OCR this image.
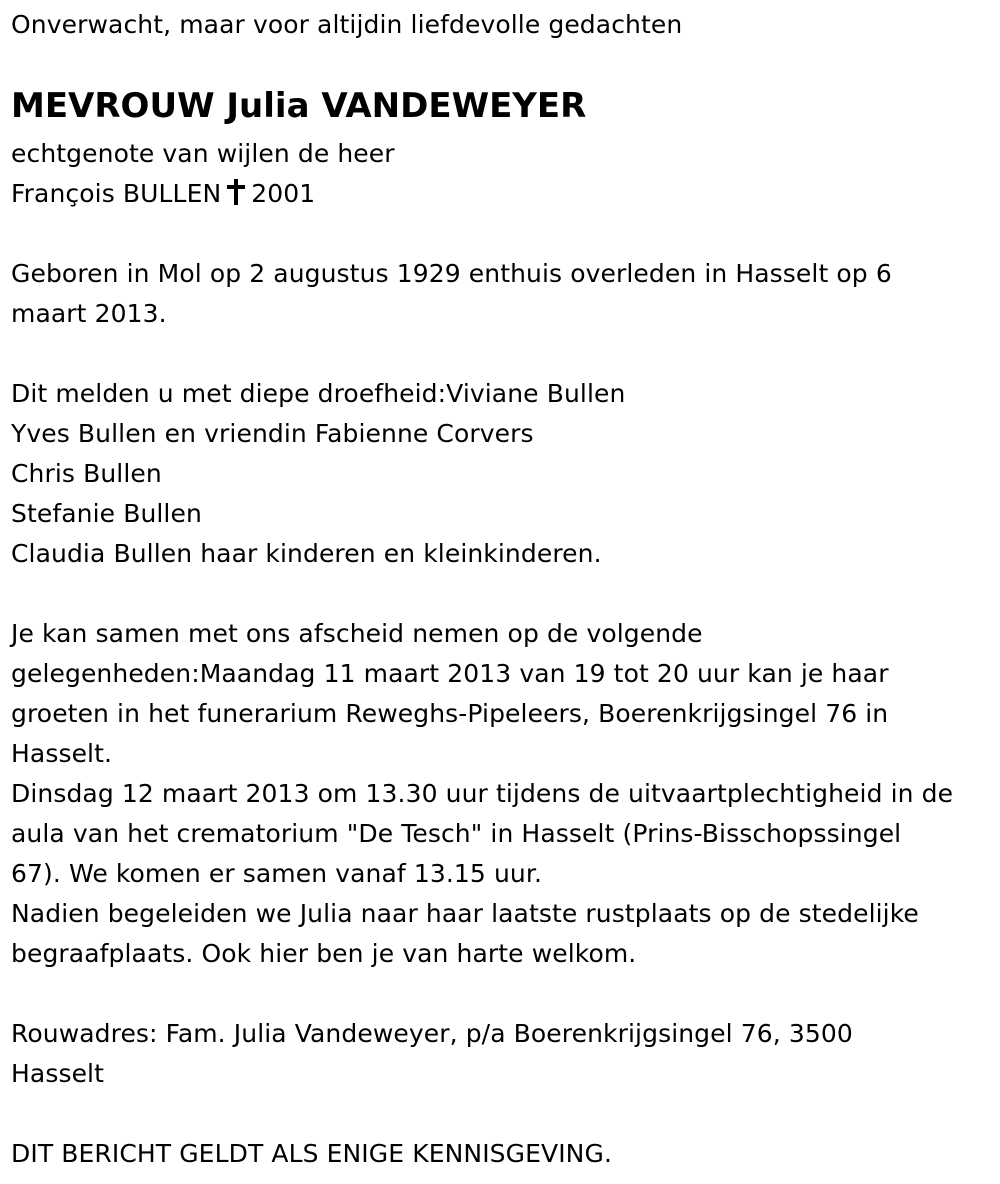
Onverwacht, maar voor altijdin liefdevolle gedachten
MEVROUW Julia VANDEWEYER
echtgenote van wijlen de heer
François BULLEN 2001
Geboren in Mol op 2 augustus 1929 enthuis overleden in Hasselt op 6
maart 2013.
Dit melden u met diepe droefheid:Viviane Bullen
Yves Bullen en vriendin Fabienne Corvers
Chris Bullen
Stefanie Bullen
Claudia Bullen haar kinderen en kleinkinderen.
Je kan samen met ons afscheid nemen op de volgende
gelegenheden:Maandag 11 maart 2013 van 19 tot 20 uur kan je haar
groeten in het funerarium Reweghs-Pipeleers, Boerenkrijgsingel 76 in
Hasselt.
Dinsdag 12 maart 2013 om 13.30 uur tijdens de uitvaartplechtigheid in de
aula van het crematorium "De Tesch" in Hasselt (Prins-Bisschopssingel
67). We komen er samen vanaf 13.15 uur.
Nadien begeleiden we Julia naar haar laatste rustplaats op de stedelijke
begraafplaats. Ook hier ben je van harte welkom.
Rouwadres: Fam. Julia Vandeweyer, p/a Boerenkrijgsingel 76, 3500
Hasselt
DIT BERICHT GELDT ALS ENIGE KENNISGEVING.
